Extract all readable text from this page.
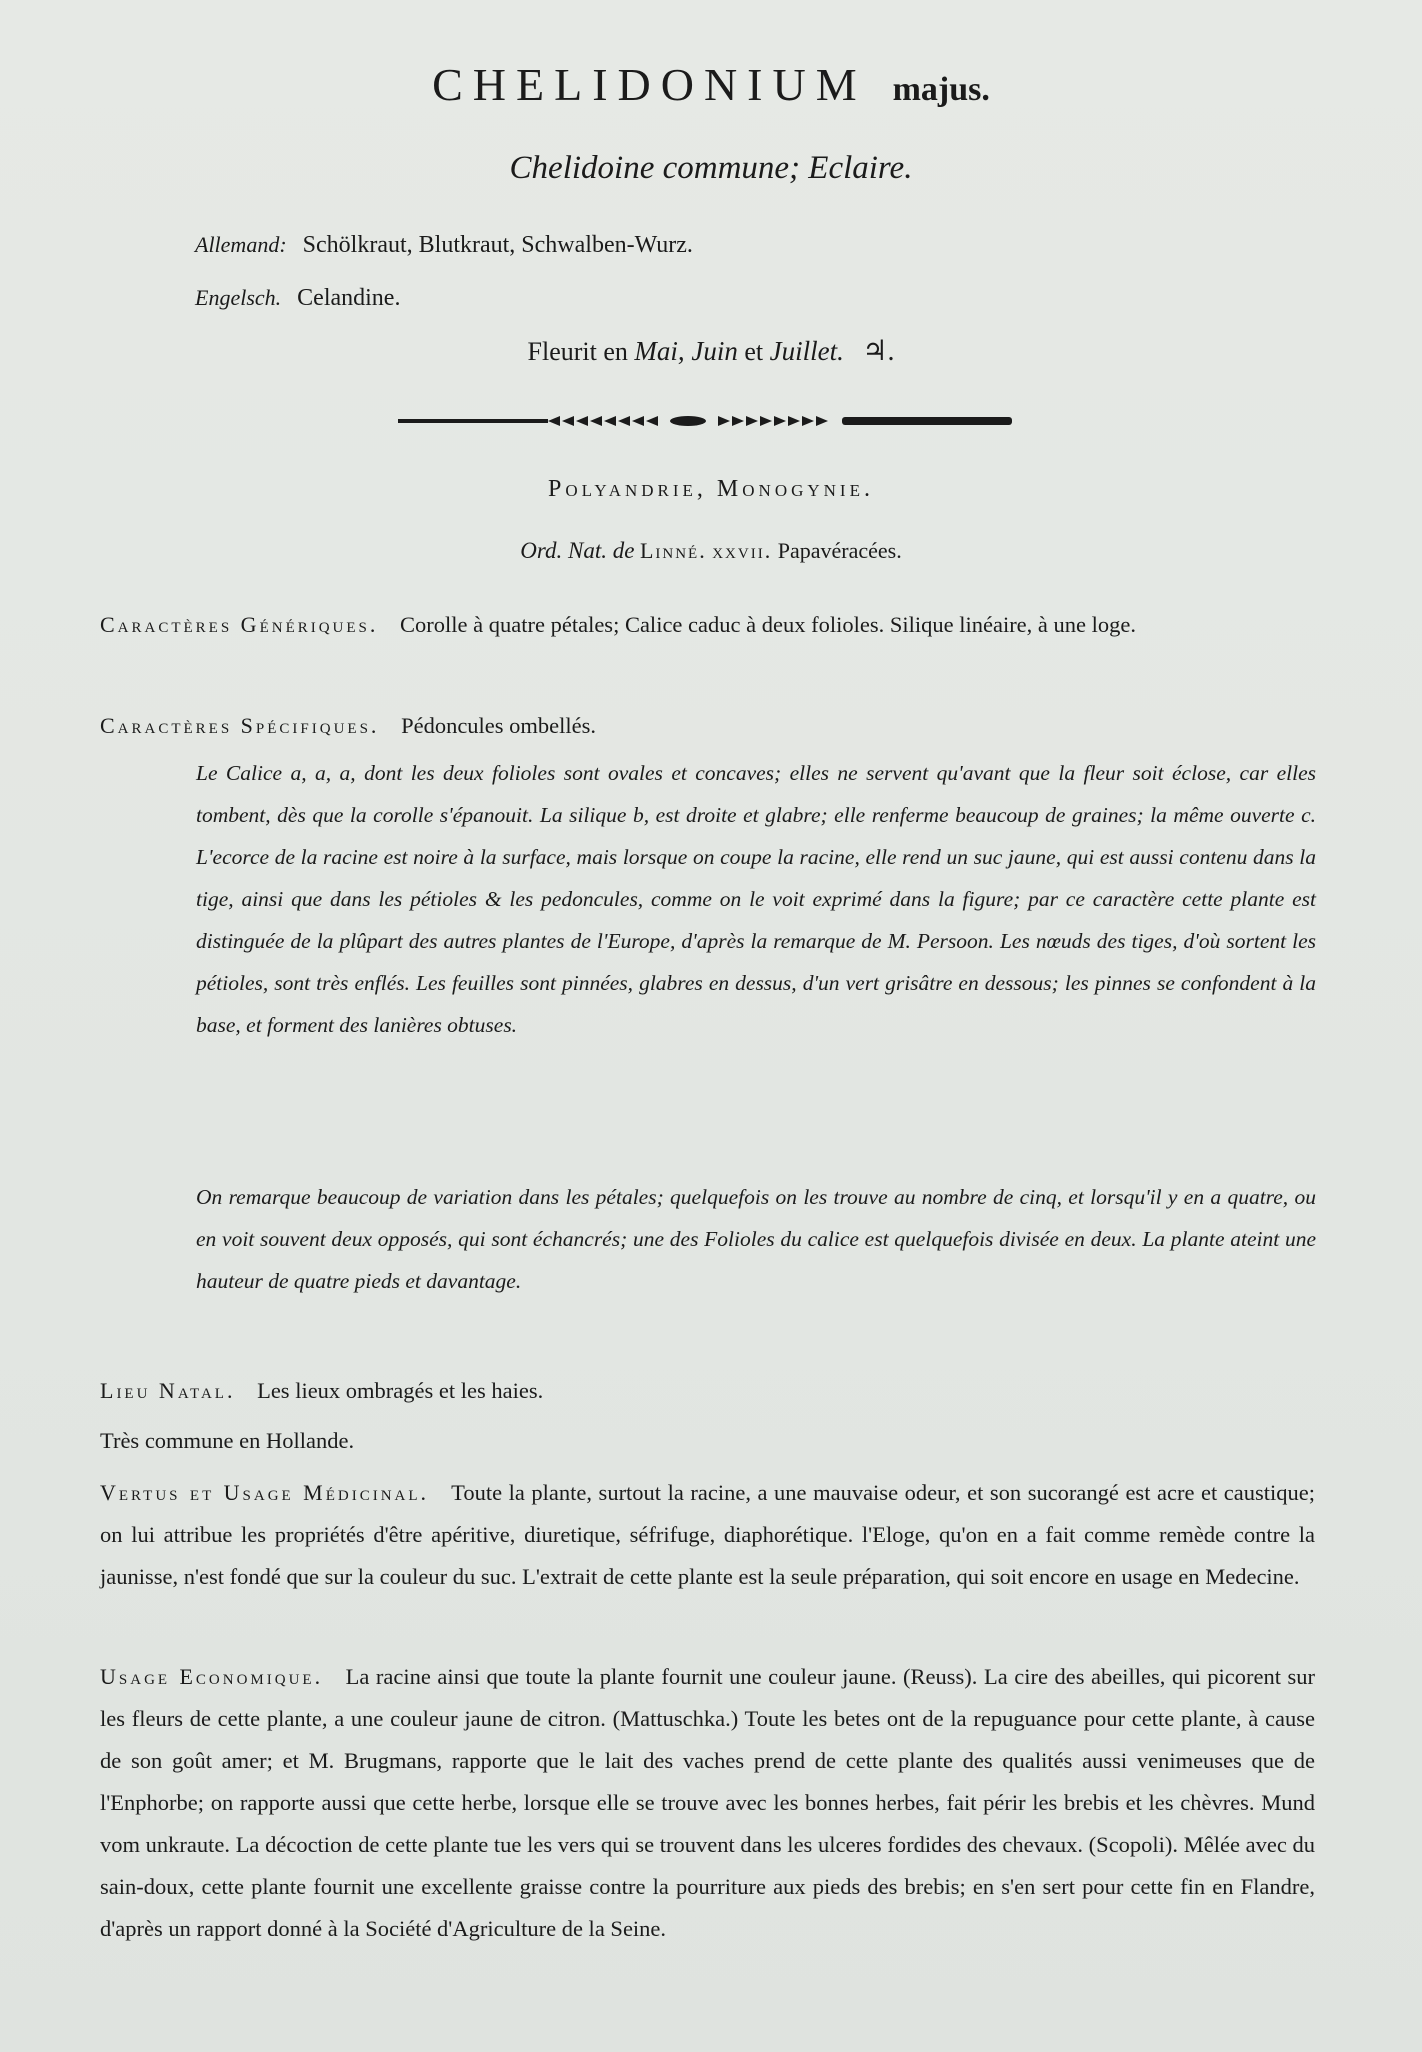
CHELIDONIUM majus.
Chelidoine commune; Eclaire.
Allemand: Schölkraut, Blutkraut, Schwalben-Wurz.
Engelsch. Celandine.
Fleurit en Mai, Juin et Juillet. ♃.
Polyandrie, Monogynie.
Ord. Nat. de Linné. xxvii. Papavéracées.
Caractères Génériques. Corolle à quatre pétales; Calice caduc à deux folioles. Silique linéaire, à une loge.
Caractères Spécifiques. Pédoncules ombellés.
Le Calice a, a, a, dont les deux folioles sont ovales et concaves; elles ne servent qu'avant que la fleur soit éclose, car elles tombent, dès que la corolle s'épanouit. La silique b, est droite et glabre; elle renferme beaucoup de graines; la même ouverte c. L'ecorce de la racine est noire à la surface, mais lorsque on coupe la racine, elle rend un suc jaune, qui est aussi contenu dans la tige, ainsi que dans les pétioles & les pedoncules, comme on le voit exprimé dans la figure; par ce caractère cette plante est distinguée de la plûpart des autres plantes de l'Europe, d'après la remarque de M. Persoon. Les nœuds des tiges, d'où sortent les pétioles, sont très enflés. Les feuilles sont pinnées, glabres en dessus, d'un vert grisâtre en dessous; les pinnes se confondent à la base, et forment des lanières obtuses.
On remarque beaucoup de variation dans les pétales; quelquefois on les trouve au nombre de cinq, et lorsqu'il y en a quatre, ou en voit souvent deux opposés, qui sont échancrés; une des Folioles du calice est quelquefois divisée en deux. La plante ateint une hauteur de quatre pieds et davantage.
Lieu Natal. Les lieux ombragés et les haies.
Très commune en Hollande.
Vertus et Usage Médicinal. Toute la plante, surtout la racine, a une mauvaise odeur, et son sucorangé est acre et caustique; on lui attribue les propriétés d'être apéritive, diuretique, séfrifuge, diaphorétique. l'Eloge, qu'on en a fait comme remède contre la jaunisse, n'est fondé que sur la couleur du suc. L'extrait de cette plante est la seule préparation, qui soit encore en usage en Medecine.
Usage Economique. La racine ainsi que toute la plante fournit une couleur jaune. (Reuss). La cire des abeilles, qui picorent sur les fleurs de cette plante, a une couleur jaune de citron. (Mattuschka.) Toute les betes ont de la repuguance pour cette plante, à cause de son goût amer; et M. Brugmans, rapporte que le lait des vaches prend de cette plante des qualités aussi venimeuses que de l'Enphorbe; on rapporte aussi que cette herbe, lorsque elle se trouve avec les bonnes herbes, fait périr les brebis et les chèvres. Mund vom unkraute. La décoction de cette plante tue les vers qui se trouvent dans les ulceres fordides des chevaux. (Scopoli). Mêlée avec du sain-doux, cette plante fournit une excellente graisse contre la pourriture aux pieds des brebis; en s'en sert pour cette fin en Flandre, d'après un rapport donné à la Société d'Agriculture de la Seine.
